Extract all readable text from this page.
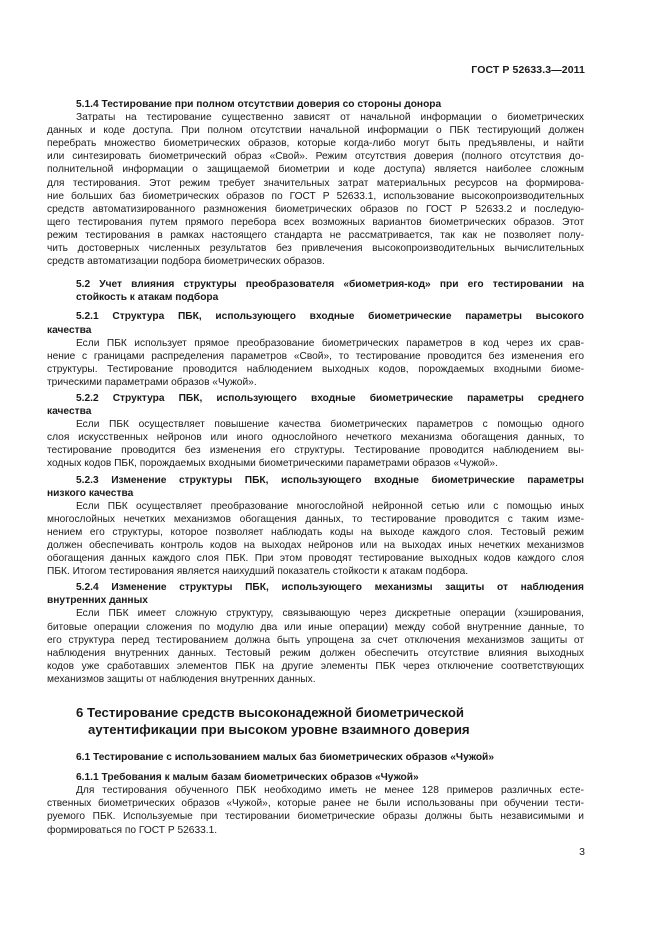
ГОСТ Р 52633.3—2011
5.1.4 Тестирование при полном отсутствии доверия со стороны донора
Затраты на тестирование существенно зависят от начальной информации о биометрических
данных и коде доступа. При полном отсутствии начальной информации о ПБК тестирующий должен
перебрать множество биометрических образов, которые когда-либо могут быть предъявлены, и найти
или синтезировать биометрический образ «Свой». Режим отсутствия доверия (полного отсутствия до-
полнительной информации о защищаемой биометрии и коде доступа) является наиболее сложным
для тестирования. Этот режим требует значительных затрат материальных ресурсов на формирова-
ние больших баз биометрических образов по ГОСТ Р 52633.1, использование высокопроизводительных
средств автоматизированного размножения биометрических образов по ГОСТ Р 52633.2 и последую-
щего тестирования путем прямого перебора всех возможных вариантов биометрических образов. Этот
режим тестирования в рамках настоящего стандарта не рассматривается, так как не позволяет полу-
чить достоверных численных результатов без привлечения высокопроизводительных вычислительных
средств автоматизации подбора биометрических образов.
5.2 Учет влияния структуры преобразователя «биометрия-код» при его тестировании на
стойкость к атакам подбора
5.2.1 Структура ПБК, использующего входные биометрические параметры высокого
качества
Если ПБК использует прямое преобразование биометрических параметров в код через их срав-
нение с границами распределения параметров «Свой», то тестирование проводится без изменения его
структуры. Тестирование проводится наблюдением выходных кодов, порождаемых входными биоме-
трическими параметрами образов «Чужой».
5.2.2 Структура ПБК, использующего входные биометрические параметры среднего
качества
Если ПБК осуществляет повышение качества биометрических параметров с помощью одного
слоя искусственных нейронов или иного однослойного нечеткого механизма обогащения данных, то
тестирование проводится без изменения его структуры. Тестирование проводится наблюдением вы-
ходных кодов ПБК, порождаемых входными биометрическими параметрами образов «Чужой».
5.2.3 Изменение структуры ПБК, использующего входные биометрические параметры
низкого качества
Если ПБК осуществляет преобразование многослойной нейронной сетью или с помощью иных
многослойных нечетких механизмов обогащения данных, то тестирование проводится с таким изме-
нением его структуры, которое позволяет наблюдать коды на выходе каждого слоя. Тестовый режим
должен обеспечивать контроль кодов на выходах нейронов или на выходах иных нечетких механизмов
обогащения данных каждого слоя ПБК. При этом проводят тестирование выходных кодов каждого слоя
ПБК. Итогом тестирования является наихудший показатель стойкости к атакам подбора.
5.2.4 Изменение структуры ПБК, использующего механизмы защиты от наблюдения
внутренних данных
Если ПБК имеет сложную структуру, связывающую через дискретные операции (хэширования,
битовые операции сложения по модулю два или иные операции) между собой внутренние данные, то
его структура перед тестированием должна быть упрощена за счет отключения механизмов защиты от
наблюдения внутренних данных. Тестовый режим должен обеспечить отсутствие влияния выходных
кодов уже сработавших элементов ПБК на другие элементы ПБК через отключение соответствующих
механизмов защиты от наблюдения внутренних данных.
6 Тестирование средств высоконадежной биометрической
аутентификации при высоком уровне взаимного доверия
6.1 Тестирование с использованием малых баз биометрических образов «Чужой»
6.1.1 Требования к малым базам биометрических образов «Чужой»
Для тестирования обученного ПБК необходимо иметь не менее 128 примеров различных есте-
ственных биометрических образов «Чужой», которые ранее не были использованы при обучении тести-
руемого ПБК. Используемые при тестировании биометрические образы должны быть независимыми и
формироваться по ГОСТ Р 52633.1.
3
